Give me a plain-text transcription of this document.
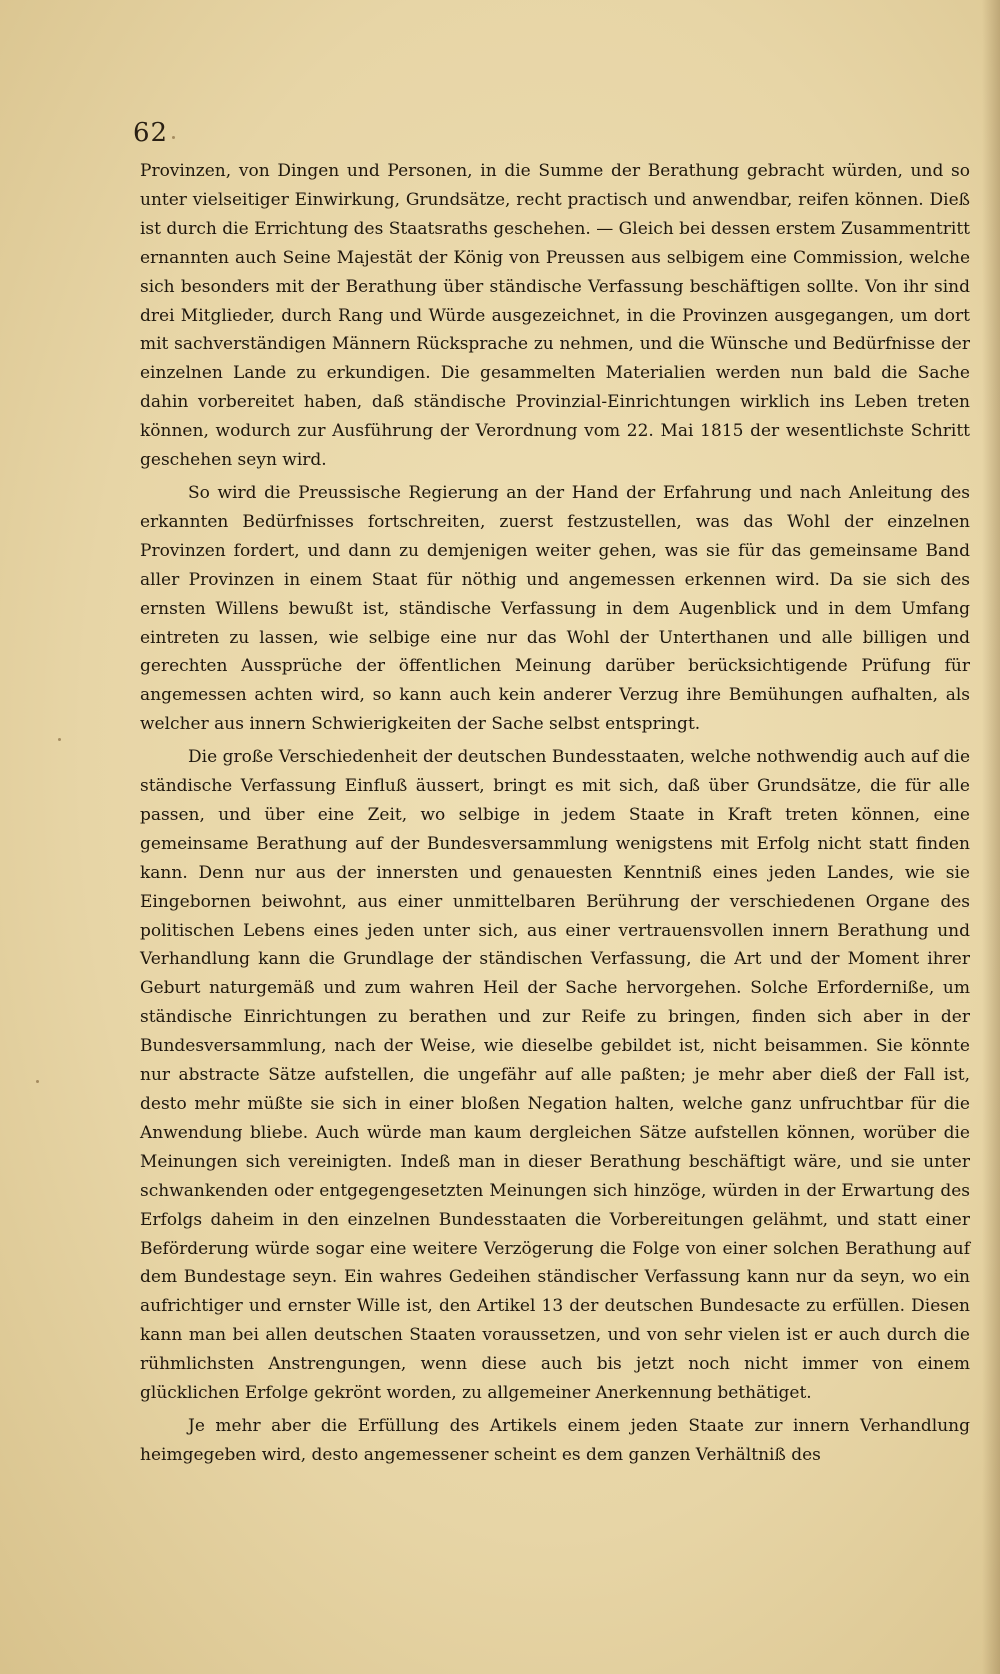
62

Provinzen, von Dingen und Personen, in die Summe der Berathung gebracht würden, und so unter vielseitiger Einwirkung, Grundsätze, recht practisch und anwendbar, reifen können. Dieß ist durch die Errichtung des Staatsraths geschehen. — Gleich bei dessen erstem Zusammentritt ernannten auch Seine Majestät der König von Preussen aus selbigem eine Commission, welche sich besonders mit der Berathung über ständische Verfassung beschäftigen sollte. Von ihr sind drei Mitglieder, durch Rang und Würde ausgezeichnet, in die Provinzen ausgegangen, um dort mit sachverständigen Männern Rücksprache zu nehmen, und die Wünsche und Bedürfnisse der einzelnen Lande zu erkundigen. Die gesammelten Materialien werden nun bald die Sache dahin vorbereitet haben, daß ständische Provinzial-Einrichtungen wirklich ins Leben treten können, wodurch zur Ausführung der Verordnung vom 22. Mai 1815 der wesentlichste Schritt geschehen seyn wird.

So wird die Preussische Regierung an der Hand der Erfahrung und nach Anleitung des erkannten Bedürfnisses fortschreiten, zuerst festzustellen, was das Wohl der einzelnen Provinzen fordert, und dann zu demjenigen weiter gehen, was sie für das gemeinsame Band aller Provinzen in einem Staat für nöthig und angemessen erkennen wird. Da sie sich des ernsten Willens bewußt ist, ständische Verfassung in dem Augenblick und in dem Umfang eintreten zu lassen, wie selbige eine nur das Wohl der Unterthanen und alle billigen und gerechten Aussprüche der öffentlichen Meinung darüber berücksichtigende Prüfung für angemessen achten wird, so kann auch kein anderer Verzug ihre Bemühungen aufhalten, als welcher aus innern Schwierigkeiten der Sache selbst entspringt.

Die große Verschiedenheit der deutschen Bundesstaaten, welche nothwendig auch auf die ständische Verfassung Einfluß äussert, bringt es mit sich, daß über Grundsätze, die für alle passen, und über eine Zeit, wo selbige in jedem Staate in Kraft treten können, eine gemeinsame Berathung auf der Bundesversammlung wenigstens mit Erfolg nicht statt finden kann. Denn nur aus der innersten und genauesten Kenntniß eines jeden Landes, wie sie Eingebornen beiwohnt, aus einer unmittelbaren Berührung der verschiedenen Organe des politischen Lebens eines jeden unter sich, aus einer vertrauensvollen innern Berathung und Verhandlung kann die Grundlage der ständischen Verfassung, die Art und der Moment ihrer Geburt naturgemäß und zum wahren Heil der Sache hervorgehen. Solche Erforderniße, um ständische Einrichtungen zu berathen und zur Reife zu bringen, finden sich aber in der Bundesversammlung, nach der Weise, wie dieselbe gebildet ist, nicht beisammen. Sie könnte nur abstracte Sätze aufstellen, die ungefähr auf alle paßten; je mehr aber dieß der Fall ist, desto mehr müßte sie sich in einer bloßen Negation halten, welche ganz unfruchtbar für die Anwendung bliebe. Auch würde man kaum dergleichen Sätze aufstellen können, worüber die Meinungen sich vereinigten. Indeß man in dieser Berathung beschäftigt wäre, und sie unter schwankenden oder entgegengesetzten Meinungen sich hinzöge, würden in der Erwartung des Erfolgs daheim in den einzelnen Bundesstaaten die Vorbereitungen gelähmt, und statt einer Beförderung würde sogar eine weitere Verzögerung die Folge von einer solchen Berathung auf dem Bundestage seyn. Ein wahres Gedeihen ständischer Verfassung kann nur da seyn, wo ein aufrichtiger und ernster Wille ist, den Artikel 13 der deutschen Bundesacte zu erfüllen. Diesen kann man bei allen deutschen Staaten voraussetzen, und von sehr vielen ist er auch durch die rühmlichsten Anstrengungen, wenn diese auch bis jetzt noch nicht immer von einem glücklichen Erfolge gekrönt worden, zu allgemeiner Anerkennung bethätiget.

Je mehr aber die Erfüllung des Artikels einem jeden Staate zur innern Verhandlung heimgegeben wird, desto angemessener scheint es dem ganzen Verhältniß des
